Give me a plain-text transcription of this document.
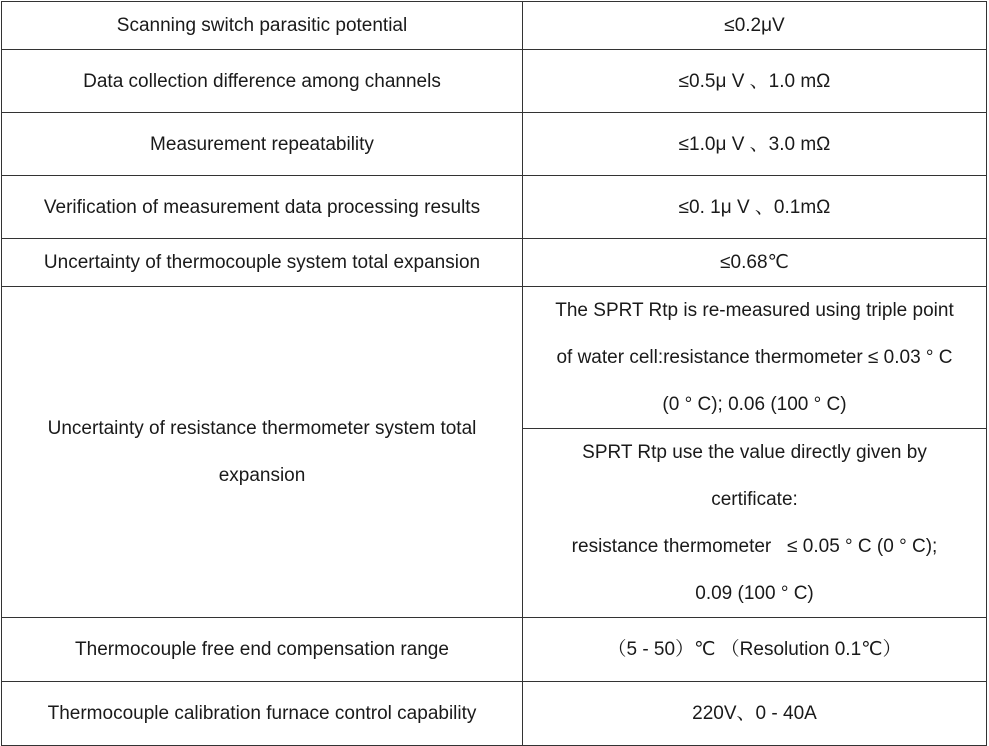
Scanning switch parasitic potential	≤0.2μV
Data collection difference among channels	≤0.5μ V 、1.0 mΩ
Measurement repeatability	≤1.0μ V 、3.0 mΩ
Verification of measurement data processing results	≤0. 1μ V 、0.1mΩ
Uncertainty of thermocouple system total expansion	≤0.68℃

Uncertainty of resistance thermometer system total
expansion	The SPRT Rtp is re-measured using triple point
of water cell:resistance thermometer ≤ 0.03 ° C
(0 ° C); 0.06 (100 ° C)

	SPRT Rtp use the value directly given by
certificate:
resistance thermometer   ≤ 0.05 ° C (0 ° C);
0.09 (100 ° C)

Thermocouple free end compensation range	（5 - 50）℃ （Resolution 0.1℃）
Thermocouple calibration furnace control capability	220V、0 - 40A
